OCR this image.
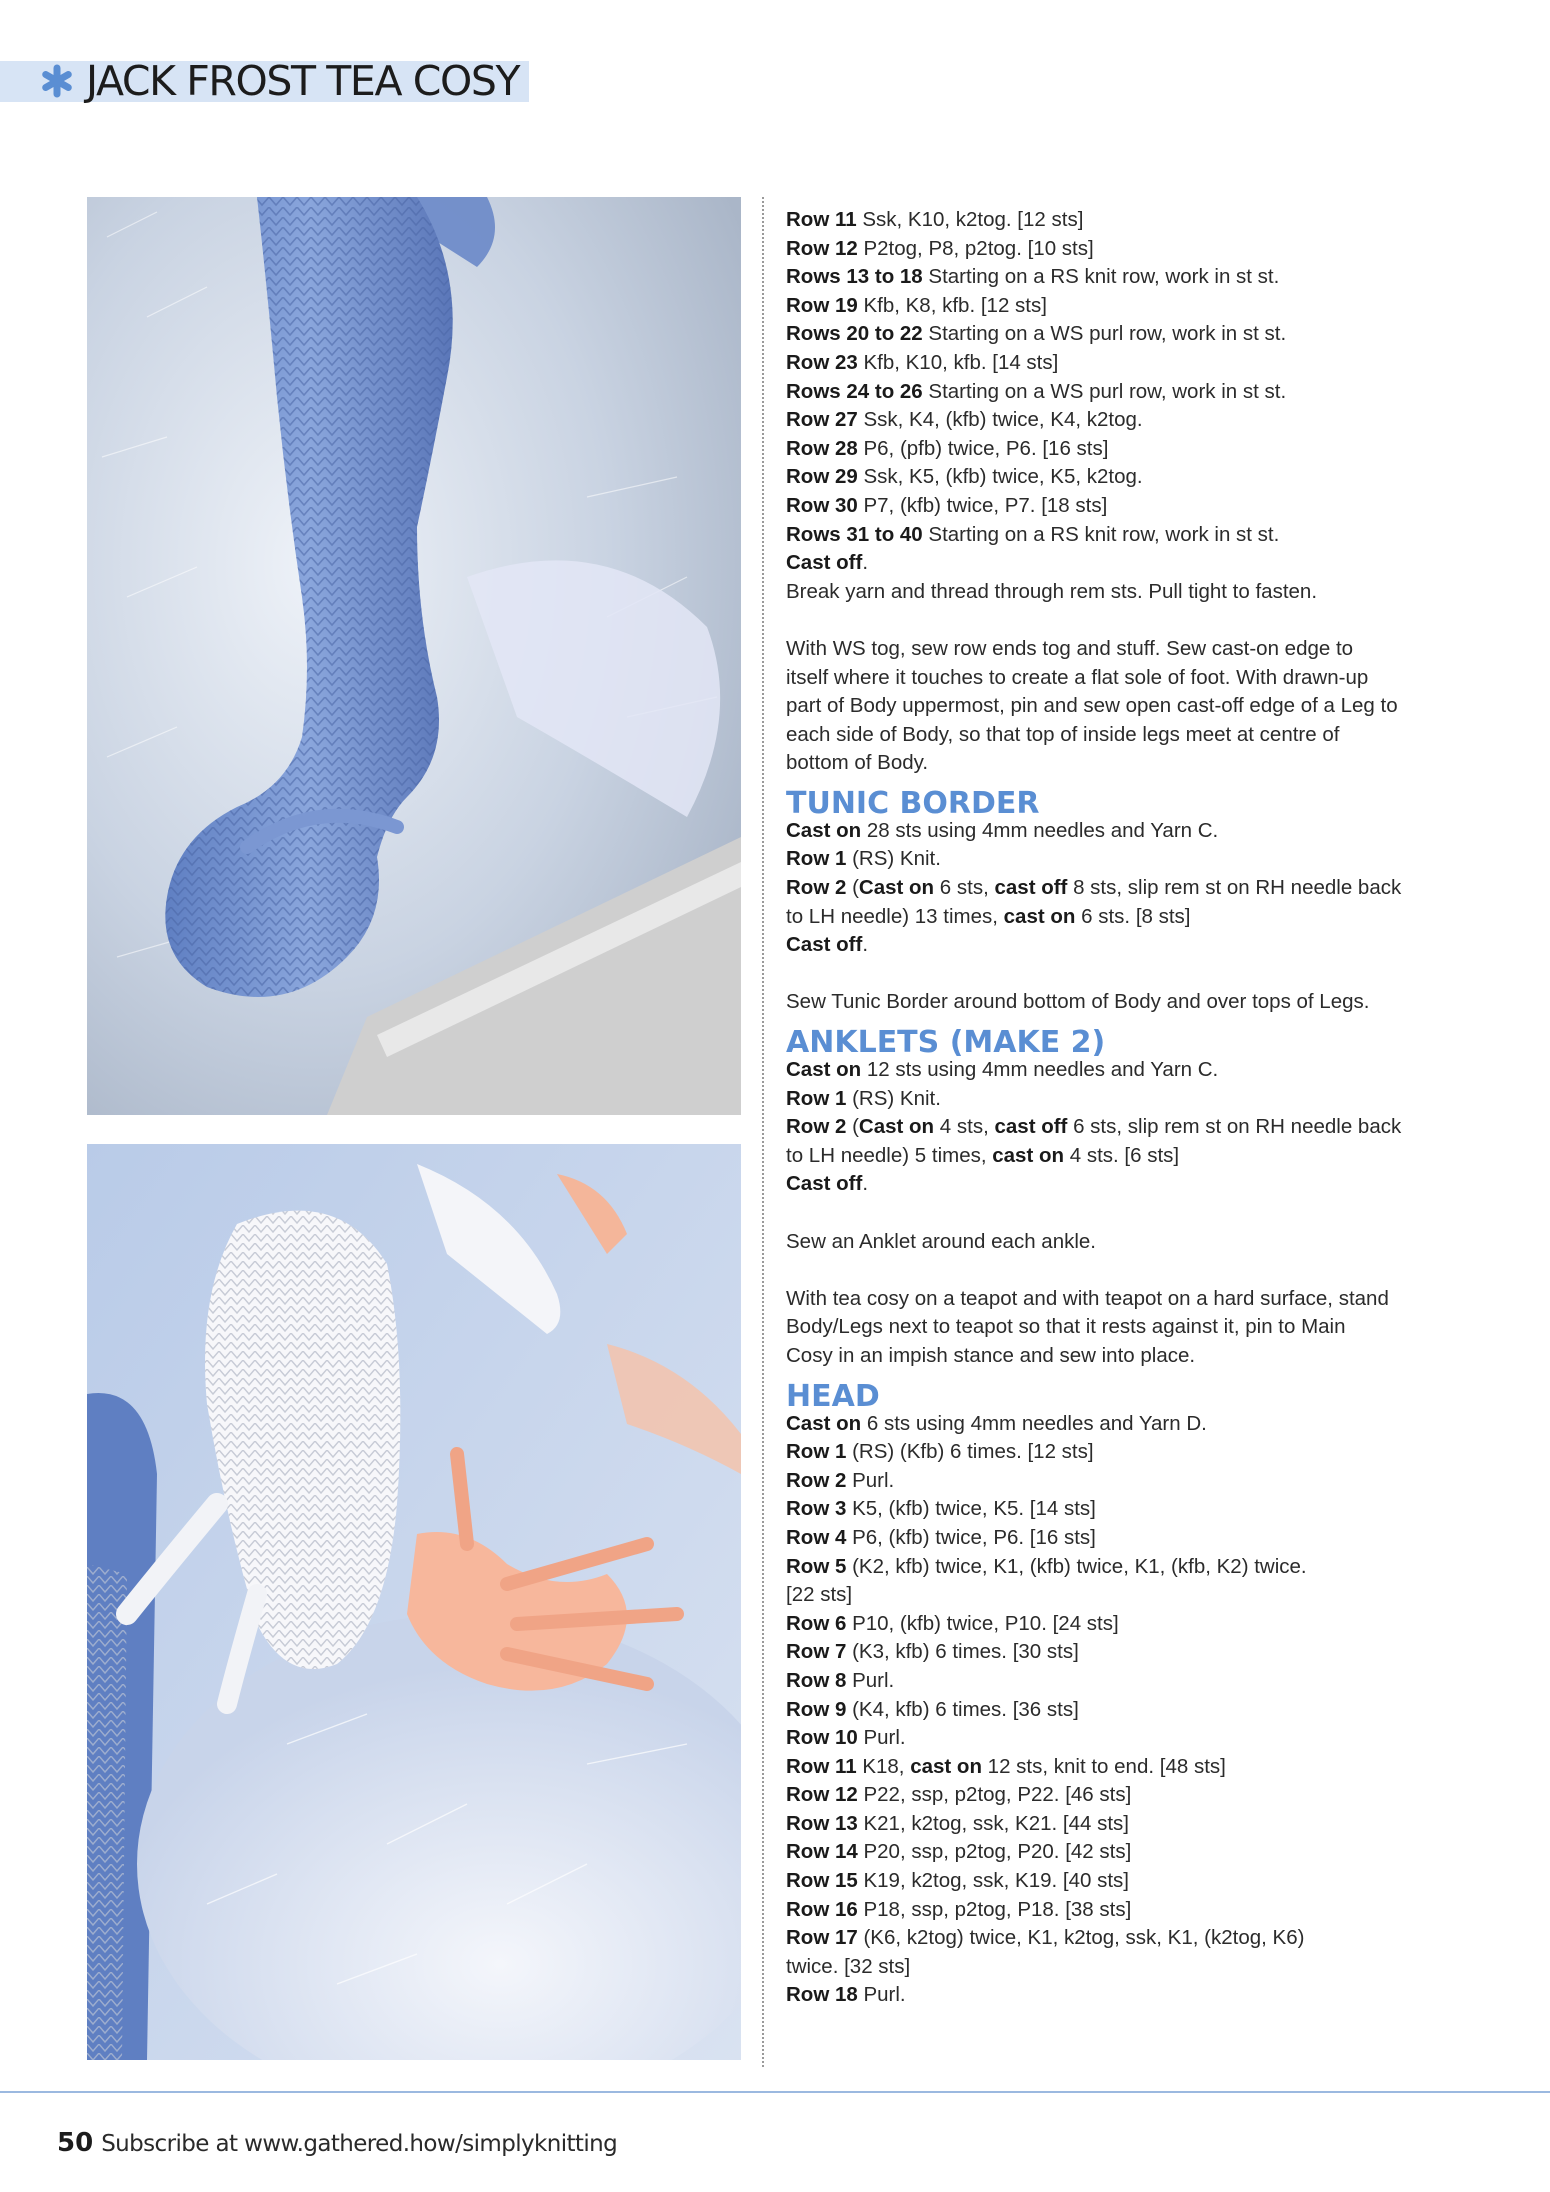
JACK FROST TEA COSY
Row 11 Ssk, K10, k2tog. [12 sts]
Row 12 P2tog, P8, p2tog. [10 sts]
Rows 13 to 18 Starting on a RS knit row, work in st st.
Row 19 Kfb, K8, kfb. [12 sts]
Rows 20 to 22 Starting on a WS purl row, work in st st.
Row 23 Kfb, K10, kfb. [14 sts]
Rows 24 to 26 Starting on a WS purl row, work in st st.
Row 27 Ssk, K4, (kfb) twice, K4, k2tog.
Row 28 P6, (pfb) twice, P6. [16 sts]
Row 29 Ssk, K5, (kfb) twice, K5, k2tog.
Row 30 P7, (kfb) twice, P7. [18 sts]
Rows 31 to 40 Starting on a RS knit row, work in st st.
Cast off.
Break yarn and thread through rem sts. Pull tight to fasten.
With WS tog, sew row ends tog and stuff. Sew cast-on edge to
itself where it touches to create a flat sole of foot. With drawn-up
part of Body uppermost, pin and sew open cast-off edge of a Leg to
each side of Body, so that top of inside legs meet at centre of
bottom of Body.
TUNIC BORDER
Cast on 28 sts using 4mm needles and Yarn C.
Row 1 (RS) Knit.
Row 2 (Cast on 6 sts, cast off 8 sts, slip rem st on RH needle back
to LH needle) 13 times, cast on 6 sts. [8 sts]
Cast off.
Sew Tunic Border around bottom of Body and over tops of Legs.
ANKLETS (MAKE 2)
Cast on 12 sts using 4mm needles and Yarn C.
Row 1 (RS) Knit.
Row 2 (Cast on 4 sts, cast off 6 sts, slip rem st on RH needle back
to LH needle) 5 times, cast on 4 sts. [6 sts]
Cast off.
Sew an Anklet around each ankle.
With tea cosy on a teapot and with teapot on a hard surface, stand
Body/Legs next to teapot so that it rests against it, pin to Main
Cosy in an impish stance and sew into place.
HEAD
Cast on 6 sts using 4mm needles and Yarn D.
Row 1 (RS) (Kfb) 6 times. [12 sts]
Row 2 Purl.
Row 3 K5, (kfb) twice, K5. [14 sts]
Row 4 P6, (kfb) twice, P6. [16 sts]
Row 5 (K2, kfb) twice, K1, (kfb) twice, K1, (kfb, K2) twice.
[22 sts]
Row 6 P10, (kfb) twice, P10. [24 sts]
Row 7 (K3, kfb) 6 times. [30 sts]
Row 8 Purl.
Row 9 (K4, kfb) 6 times. [36 sts]
Row 10 Purl.
Row 11 K18, cast on 12 sts, knit to end. [48 sts]
Row 12 P22, ssp, p2tog, P22. [46 sts]
Row 13 K21, k2tog, ssk, K21. [44 sts]
Row 14 P20, ssp, p2tog, P20. [42 sts]
Row 15 K19, k2tog, ssk, K19. [40 sts]
Row 16 P18, ssp, p2tog, P18. [38 sts]
Row 17 (K6, k2tog) twice, K1, k2tog, ssk, K1, (k2tog, K6)
twice. [32 sts]
Row 18 Purl.
50 Subscribe at www.gathered.how/simplyknitting
